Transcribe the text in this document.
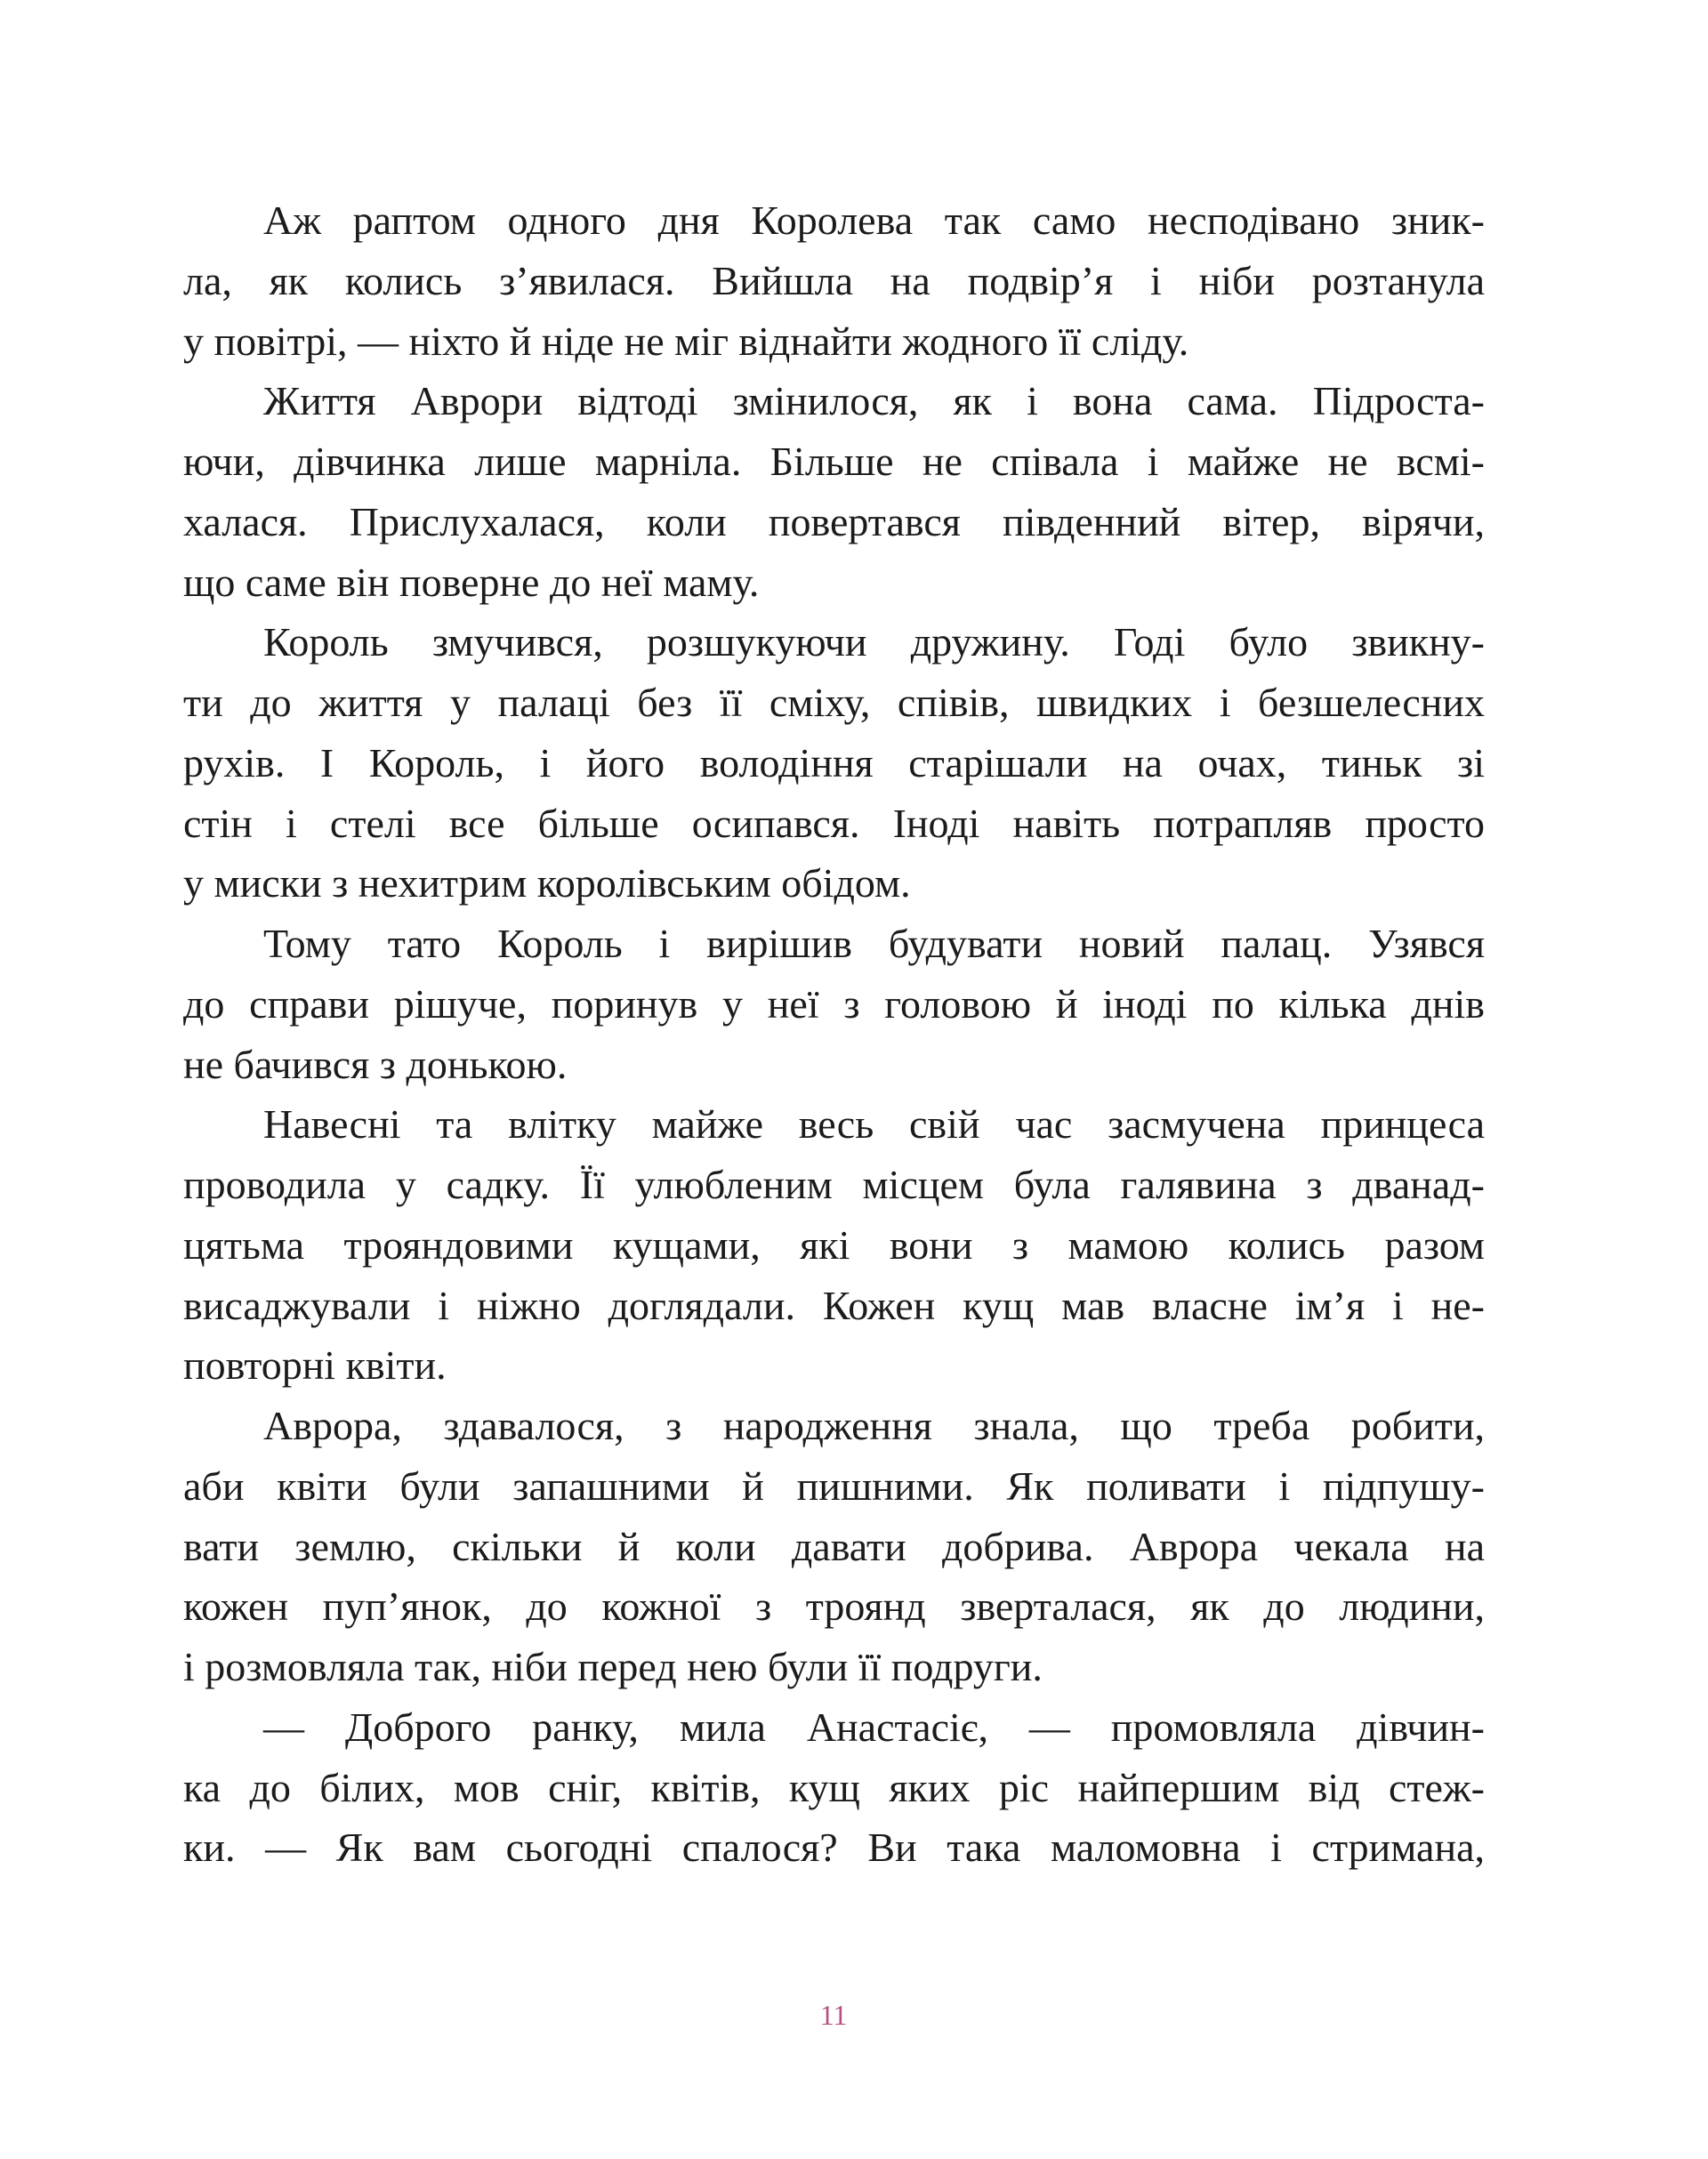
Аж раптом одного дня Королева так само несподівано зник-
ла, як колись з’явилася. Вийшла на подвір’я і ніби розтанула
у повітрі, — ніхто й ніде не міг віднайти жодного її сліду.
Життя Аврори відтоді змінилося, як і вона сама. Підроста-
ючи, дівчинка лише марніла. Більше не співала і майже не всмі-
халася. Прислухалася, коли повертався південний вітер, вірячи,
що саме він поверне до неї маму.
Король змучився, розшукуючи дружину. Годі було звикну-
ти до життя у палаці без її сміху, співів, швидких і безшелесних
рухів. І Король, і його володіння старішали на очах, тиньк зі
стін і стелі все більше осипався. Іноді навіть потрапляв просто
у миски з нехитрим королівським обідом.
Тому тато Король і вирішив будувати новий палац. Узявся
до справи рішуче, поринув у неї з головою й іноді по кілька днів
не бачився з донькою.
Навесні та влітку майже весь свій час засмучена принцеса
проводила у садку. Її улюбленим місцем була галявина з дванад-
цятьма трояндовими кущами, які вони з мамою колись разом
висаджували і ніжно доглядали. Кожен кущ мав власне ім’я і не-
повторні квіти.
Аврора, здавалося, з народження знала, що треба робити,
аби квіти були запашними й пишними. Як поливати і підпушу-
вати землю, скільки й коли давати добрива. Аврора чекала на
кожен пуп’янок, до кожної з троянд зверталася, як до людини,
і розмовляла так, ніби перед нею були її подруги.
— Доброго ранку, мила Анастасіє, — промовляла дівчин-
ка до білих, мов сніг, квітів, кущ яких ріс найпершим від стеж-
ки. — Як вам сьогодні спалося? Ви така маломовна і стримана,
11
